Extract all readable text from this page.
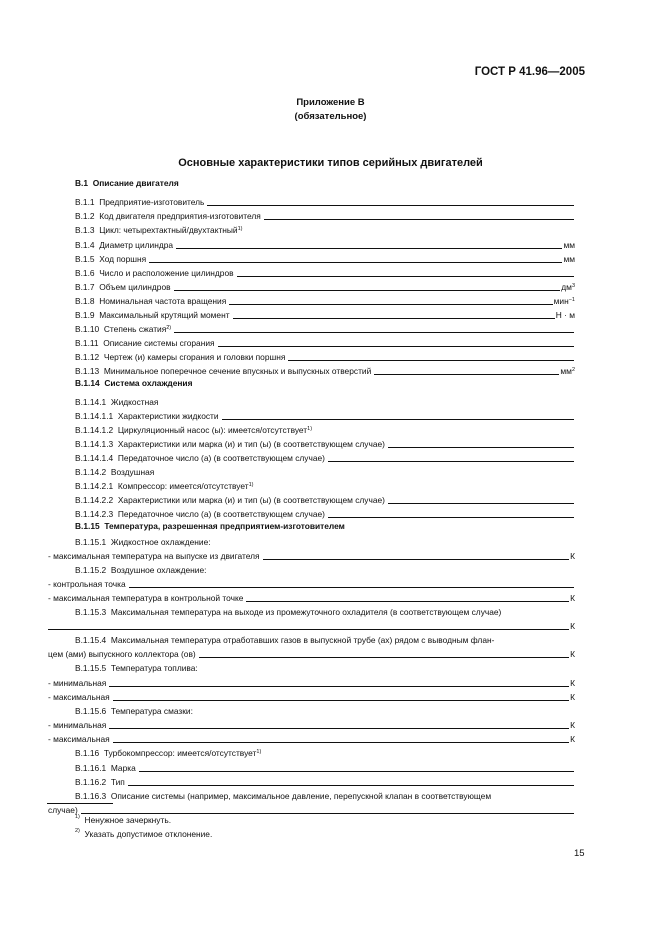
ГОСТ Р 41.96—2005
Приложение В
(обязательное)
Основные характеристики типов серийных двигателей
В.1 Описание двигателя
В.1.1 Предприятие-изготовитель
В.1.2 Код двигателя предприятия-изготовителя
В.1.3 Цикл: четырехтактный/двухтактный$^{1)}$
В.1.4 Диаметр цилиндра	мм
В.1.5 Ход поршня	мм
В.1.6 Число и расположение цилиндров
В.1.7 Объем цилиндров	$дм^3$
В.1.8 Номинальная частота вращения	мин$^{-1}$
В.1.9 Максимальный крутящий момент	Н · м
В.1.10 Степень сжатия$^{2)}$
В.1.11 Описание системы сгорания
В.1.12 Чертеж (и) камеры сгорания и головки поршня
В.1.13 Минимальное поперечное сечение впускных и выпускных отверстий	$мм^2$
В.1.14 Система охлаждения
В.1.14.1 Жидкостная
В.1.14.1.1 Характеристики жидкости
В.1.14.1.2 Циркуляционный насос (ы): имеется/отсутствует$^{1)}$
В.1.14.1.3 Характеристики или марка (и) и тип (ы) (в соответствующем случае)
В.1.14.1.4 Передаточное число (а) (в соответствующем случае)
В.1.14.2 Воздушная
В.1.14.2.1 Компрессор: имеется/отсутствует$^{1)}$
В.1.14.2.2 Характеристики или марка (и) и тип (ы) (в соответствующем случае)
В.1.14.2.3 Передаточное число (а) (в соответствующем случае)
В.1.15 Температура, разрешенная предприятием-изготовителем
В.1.15.1 Жидкостное охлаждение:
- максимальная температура на выпуске из двигателя	К
В.1.15.2 Воздушное охлаждение:
- контрольная точка
- максимальная температура в контрольной точке	К
В.1.15.3 Максимальная температура на выходе из промежуточного охладителя (в соответствующем случае)
К
В.1.15.4 Максимальная температура отработавших газов в выпускной трубе (ах) рядом с выводным флан-
цем (ами) выпускного коллектора (ов)	К
В.1.15.5 Температура топлива:
- минимальная	К
- максимальная	К
В.1.15.6 Температура смазки:
- минимальная	К
- максимальная	К
В.1.16 Турбокомпрессор: имеется/отсутствует$^{1)}$
В.1.16.1 Марка
В.1.16.2 Тип
В.1.16.3 Описание системы (например, максимальное давление, перепускной клапан в соответствующем
случае)
$^{1)}$ Ненужное зачеркнуть.
$^{2)}$ Указать допустимое отклонение.
15
